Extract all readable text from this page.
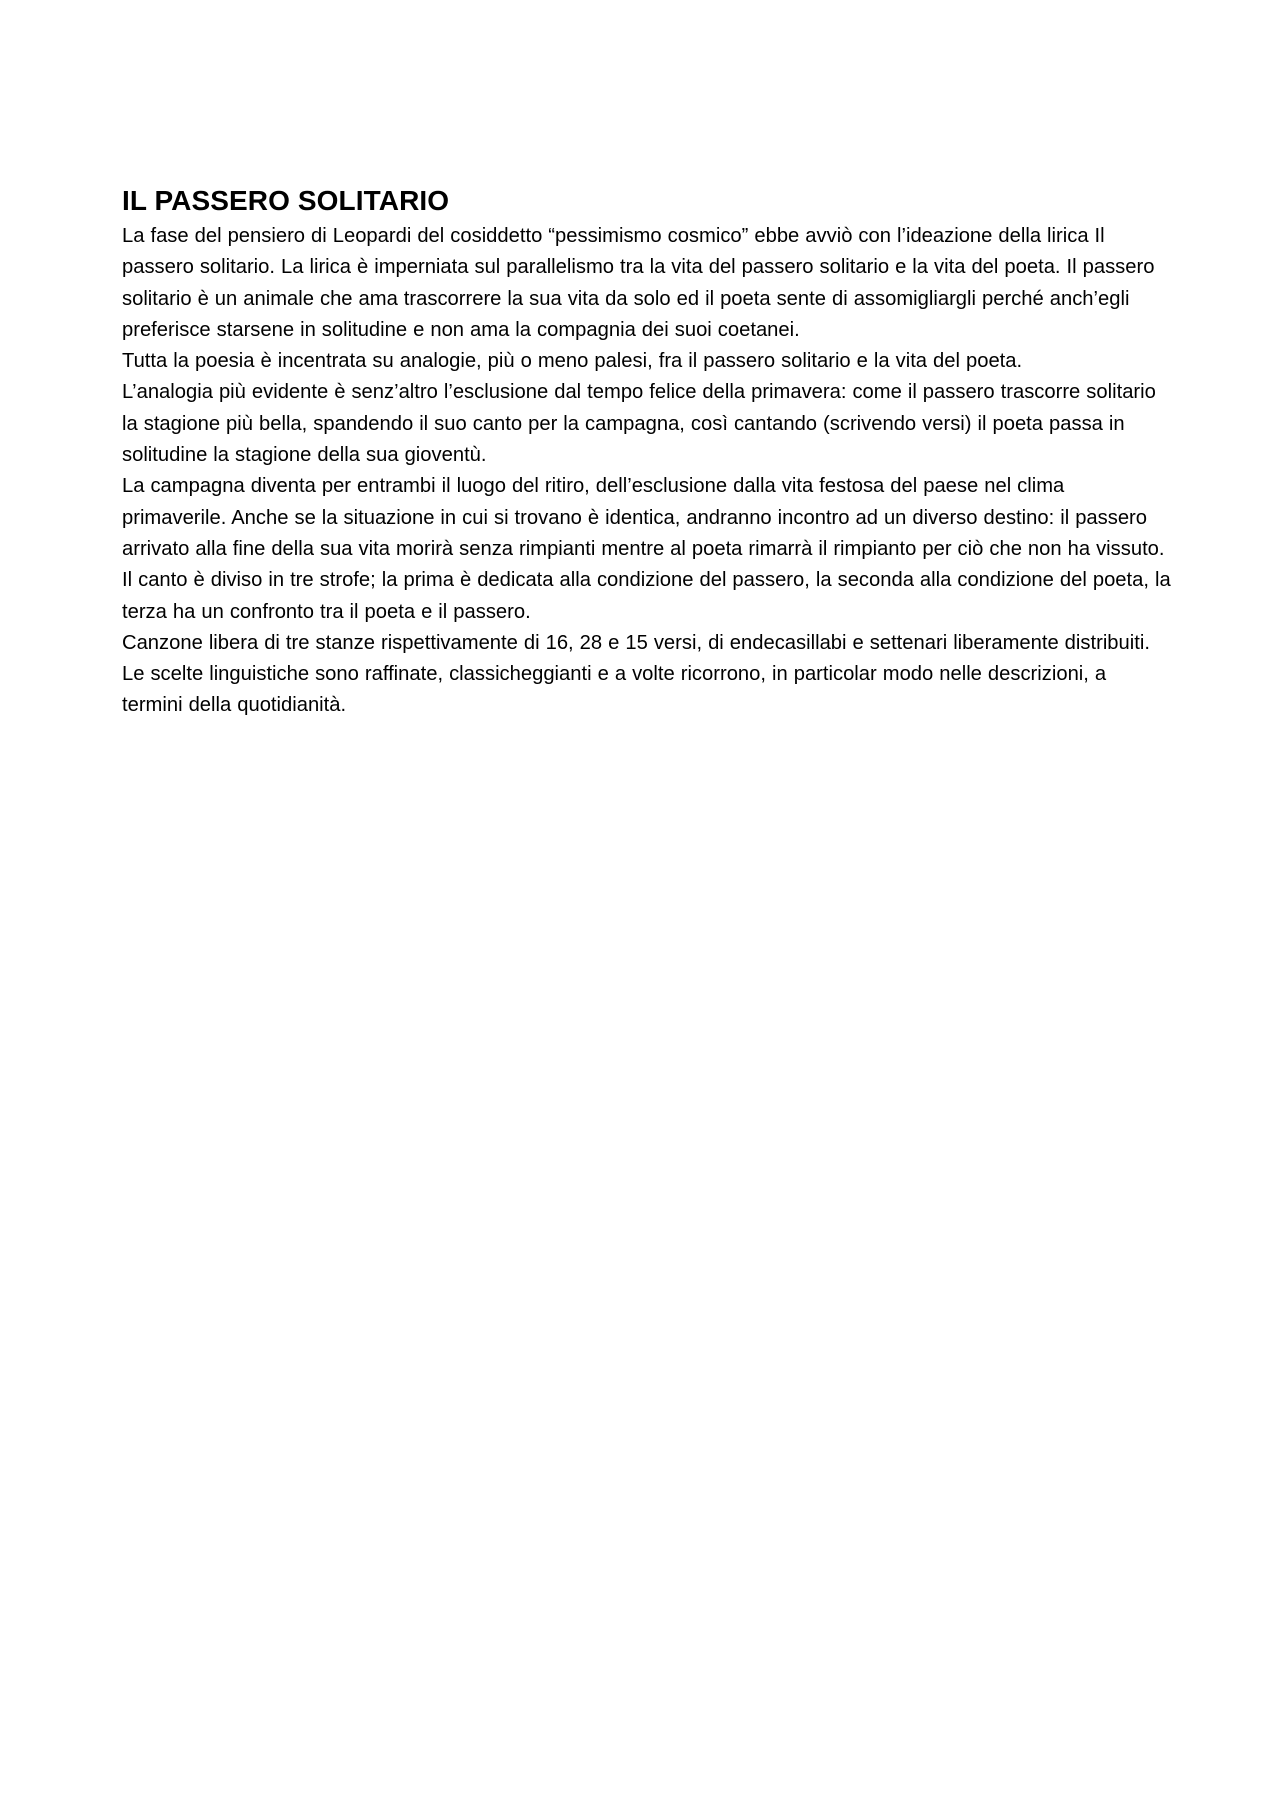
IL PASSERO SOLITARIO

La fase del pensiero di Leopardi del cosiddetto “pessimismo cosmico” ebbe avviò con l’ideazione della lirica Il passero solitario. La lirica è imperniata sul parallelismo tra la vita del passero solitario e la vita del poeta. Il passero solitario è un animale che ama trascorrere la sua vita da solo ed il poeta sente di assomigliargli perché anch’egli preferisce starsene in solitudine e non ama la compagnia dei suoi coetanei.

Tutta la poesia è incentrata su analogie, più o meno palesi, fra il passero solitario e la vita del poeta.

L’analogia più evidente è senz’altro l’esclusione dal tempo felice della primavera: come il passero trascorre solitario la stagione più bella, spandendo il suo canto per la campagna, così cantando (scrivendo versi) il poeta passa in solitudine la stagione della sua gioventù.

La campagna diventa per entrambi il luogo del ritiro, dell’esclusione dalla vita festosa del paese nel clima primaverile. Anche se la situazione in cui si trovano è identica, andranno incontro ad un diverso destino: il passero arrivato alla fine della sua vita morirà senza rimpianti mentre al poeta rimarrà il rimpianto per ciò che non ha vissuto.

Il canto è diviso in tre strofe; la prima è dedicata alla condizione del passero, la seconda alla condizione del poeta, la terza ha un confronto tra il poeta e il passero.

Canzone libera di tre stanze rispettivamente di 16, 28 e 15 versi, di endecasillabi e settenari liberamente distribuiti. Le scelte linguistiche sono raffinate, classicheggianti e a volte ricorrono, in particolar modo nelle descrizioni, a termini della quotidianità.
